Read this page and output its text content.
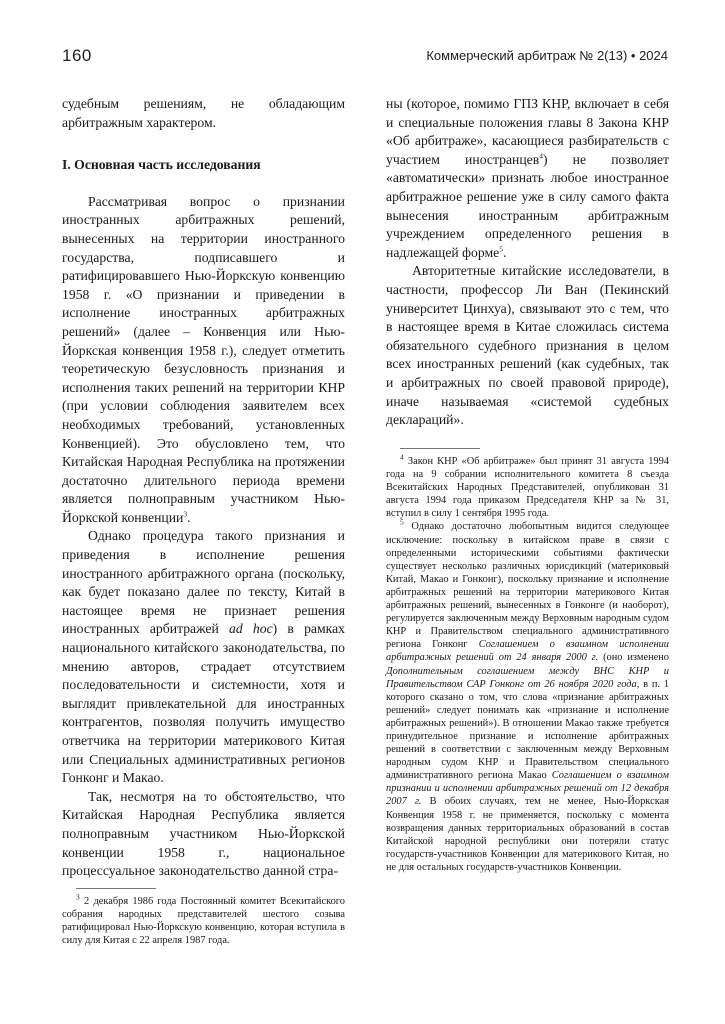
160	Коммерческий арбитраж № 2(13) • 2024

судебным решениям, не обладающим арбитражным характером.

I. Основная часть исследования

Рассматривая вопрос о признании иностранных арбитражных решений, вынесенных на территории иностранного государства, подписавшего и ратифицировавшего Нью-Йоркскую конвенцию 1958 г. «О признании и приведении в исполнение иностранных арбитражных решений» (далее – Конвенция или Нью-Йоркская конвенция 1958 г.), следует отметить теоретическую безусловность признания и исполнения таких решений на территории КНР (при условии соблюдения заявителем всех необходимых требований, установленных Конвенцией). Это обусловлено тем, что Китайская Народная Республика на протяжении достаточно длительного периода времени является полноправным участником Нью-Йоркской конвенции$^3$.

Однако процедура такого признания и приведения в исполнение решения иностранного арбитражного органа (поскольку, как будет показано далее по тексту, Китай в настоящее время не признает решения иностранных арбитражей ad hoc) в рамках национального китайского законодательства, по мнению авторов, страдает отсутствием последовательности и системности, хотя и выглядит привлекательной для иностранных контрагентов, позволяя получить имущество ответчика на территории материкового Китая или Специальных административных регионов Гонконг и Макао.

Так, несмотря на то обстоятельство, что Китайская Народная Республика является полноправным участником Нью-Йоркской конвенции 1958 г., национальное процессуальное законодательство данной стра-

$^3$ 2 декабря 1986 года Постоянный комитет Всекитайского собрания народных представителей шестого созыва ратифицировал Нью-Йоркскую конвенцию, которая вступила в силу для Китая с 22 апреля 1987 года.

ны (которое, помимо ГПЗ КНР, включает в себя и специальные положения главы 8 Закона КНР «Об арбитраже», касающиеся разбирательств с участием иностранцев$^4$) не позволяет «автоматически» признать любое иностранное арбитражное решение уже в силу самого факта вынесения иностранным арбитражным учреждением определенного решения в надлежащей форме$^5$.

Авторитетные китайские исследователи, в частности, профессор Ли Ван (Пекинский университет Цинхуа), связывают это с тем, что в настоящее время в Китае сложилась система обязательного судебного признания в целом всех иностранных решений (как судебных, так и арбитражных по своей правовой природе), иначе называемая «системой судебных деклараций».

$^4$ Закон КНР «Об арбитраже» был принят 31 августа 1994 года на 9 собрании исполнительного комитета 8 съезда Всекитайских Народных Представителей, опубликован 31 августа 1994 года приказом Председателя КНР за № 31, вступил в силу 1 сентября 1995 года.

$^5$ Однако достаточно любопытным видится следующее исключение: поскольку в китайском праве в связи с определенными историческими событиями фактически существует несколько различных юрисдикций (материковый Китай, Макао и Гонконг), поскольку признание и исполнение арбитражных решений на территории материкового Китая арбитражных решений, вынесенных в Гонконге (и наоборот), регулируется заключенным между Верховным народным судом КНР и Правительством специального административного региона Гонконг Соглашением о взаимном исполнении арбитражных решений от 24 января 2000 г. (оно изменено Дополнительным соглашением между ВНС КНР и Правительством САР Гонконг от 26 ноября 2020 года, в п. 1 которого сказано о том, что слова «признание арбитражных решений» следует понимать как «признание и исполнение арбитражных решений»). В отношении Макао также требуется принудительное признание и исполнение арбитражных решений в соответствии с заключенным между Верховным народным судом КНР и Правительством специального административного региона Макао Соглашением о взаимном признании и исполнении арбитражных решений от 12 декабря 2007 г. В обоих случаях, тем не менее, Нью-Йоркская Конвенция 1958 г. не применяется, поскольку с момента возвращения данных территориальных образований в состав Китайской народной республики они потеряли статус государств-участников Конвенции для материкового Китая, но не для остальных государств-участников Конвенции.
